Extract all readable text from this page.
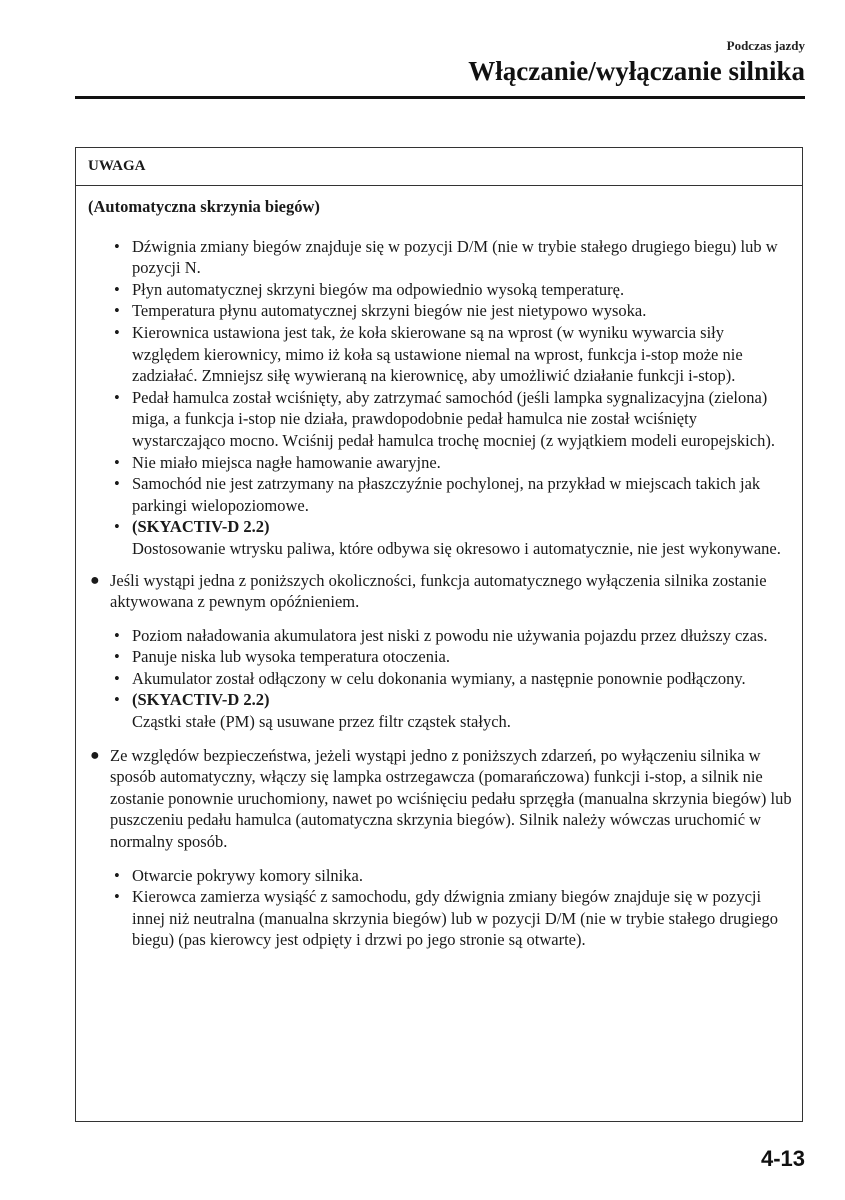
Podczas jazdy
Włączanie/wyłączanie silnika
UWAGA
(Automatyczna skrzynia biegów)
• Dźwignia zmiany biegów znajduje się w pozycji D/M (nie w trybie stałego drugiego biegu) lub w pozycji N.
• Płyn automatycznej skrzyni biegów ma odpowiednio wysoką temperaturę.
• Temperatura płynu automatycznej skrzyni biegów nie jest nietypowo wysoka.
• Kierownica ustawiona jest tak, że koła skierowane są na wprost (w wyniku wywarcia siły względem kierownicy, mimo iż koła są ustawione niemal na wprost, funkcja i-stop może nie zadziałać. Zmniejsz siłę wywieraną na kierownicę, aby umożliwić działanie funkcji i-stop).
• Pedał hamulca został wciśnięty, aby zatrzymać samochód (jeśli lampka sygnalizacyjna (zielona) miga, a funkcja i-stop nie działa, prawdopodobnie pedał hamulca nie został wciśnięty wystarczająco mocno. Wciśnij pedał hamulca trochę mocniej (z wyjątkiem modeli europejskich).
• Nie miało miejsca nagłe hamowanie awaryjne.
• Samochód nie jest zatrzymany na płaszczyźnie pochylonej, na przykład w miejscach takich jak parkingi wielopoziomowe.
• (SKYACTIV-D 2.2)
Dostosowanie wtrysku paliwa, które odbywa się okresowo i automatycznie, nie jest wykonywane.
● Jeśli wystąpi jedna z poniższych okoliczności, funkcja automatycznego wyłączenia silnika zostanie aktywowana z pewnym opóźnieniem.
• Poziom naładowania akumulatora jest niski z powodu nie używania pojazdu przez dłuższy czas.
• Panuje niska lub wysoka temperatura otoczenia.
• Akumulator został odłączony w celu dokonania wymiany, a następnie ponownie podłączony.
• (SKYACTIV-D 2.2)
Cząstki stałe (PM) są usuwane przez filtr cząstek stałych.
● Ze względów bezpieczeństwa, jeżeli wystąpi jedno z poniższych zdarzeń, po wyłączeniu silnika w sposób automatyczny, włączy się lampka ostrzegawcza (pomarańczowa) funkcji i-stop, a silnik nie zostanie ponownie uruchomiony, nawet po wciśnięciu pedału sprzęgła (manualna skrzynia biegów) lub puszczeniu pedału hamulca (automatyczna skrzynia biegów). Silnik należy wówczas uruchomić w normalny sposób.
• Otwarcie pokrywy komory silnika.
• Kierowca zamierza wysiąść z samochodu, gdy dźwignia zmiany biegów znajduje się w pozycji innej niż neutralna (manualna skrzynia biegów) lub w pozycji D/M (nie w trybie stałego drugiego biegu) (pas kierowcy jest odpięty i drzwi po jego stronie są otwarte).
4-13
